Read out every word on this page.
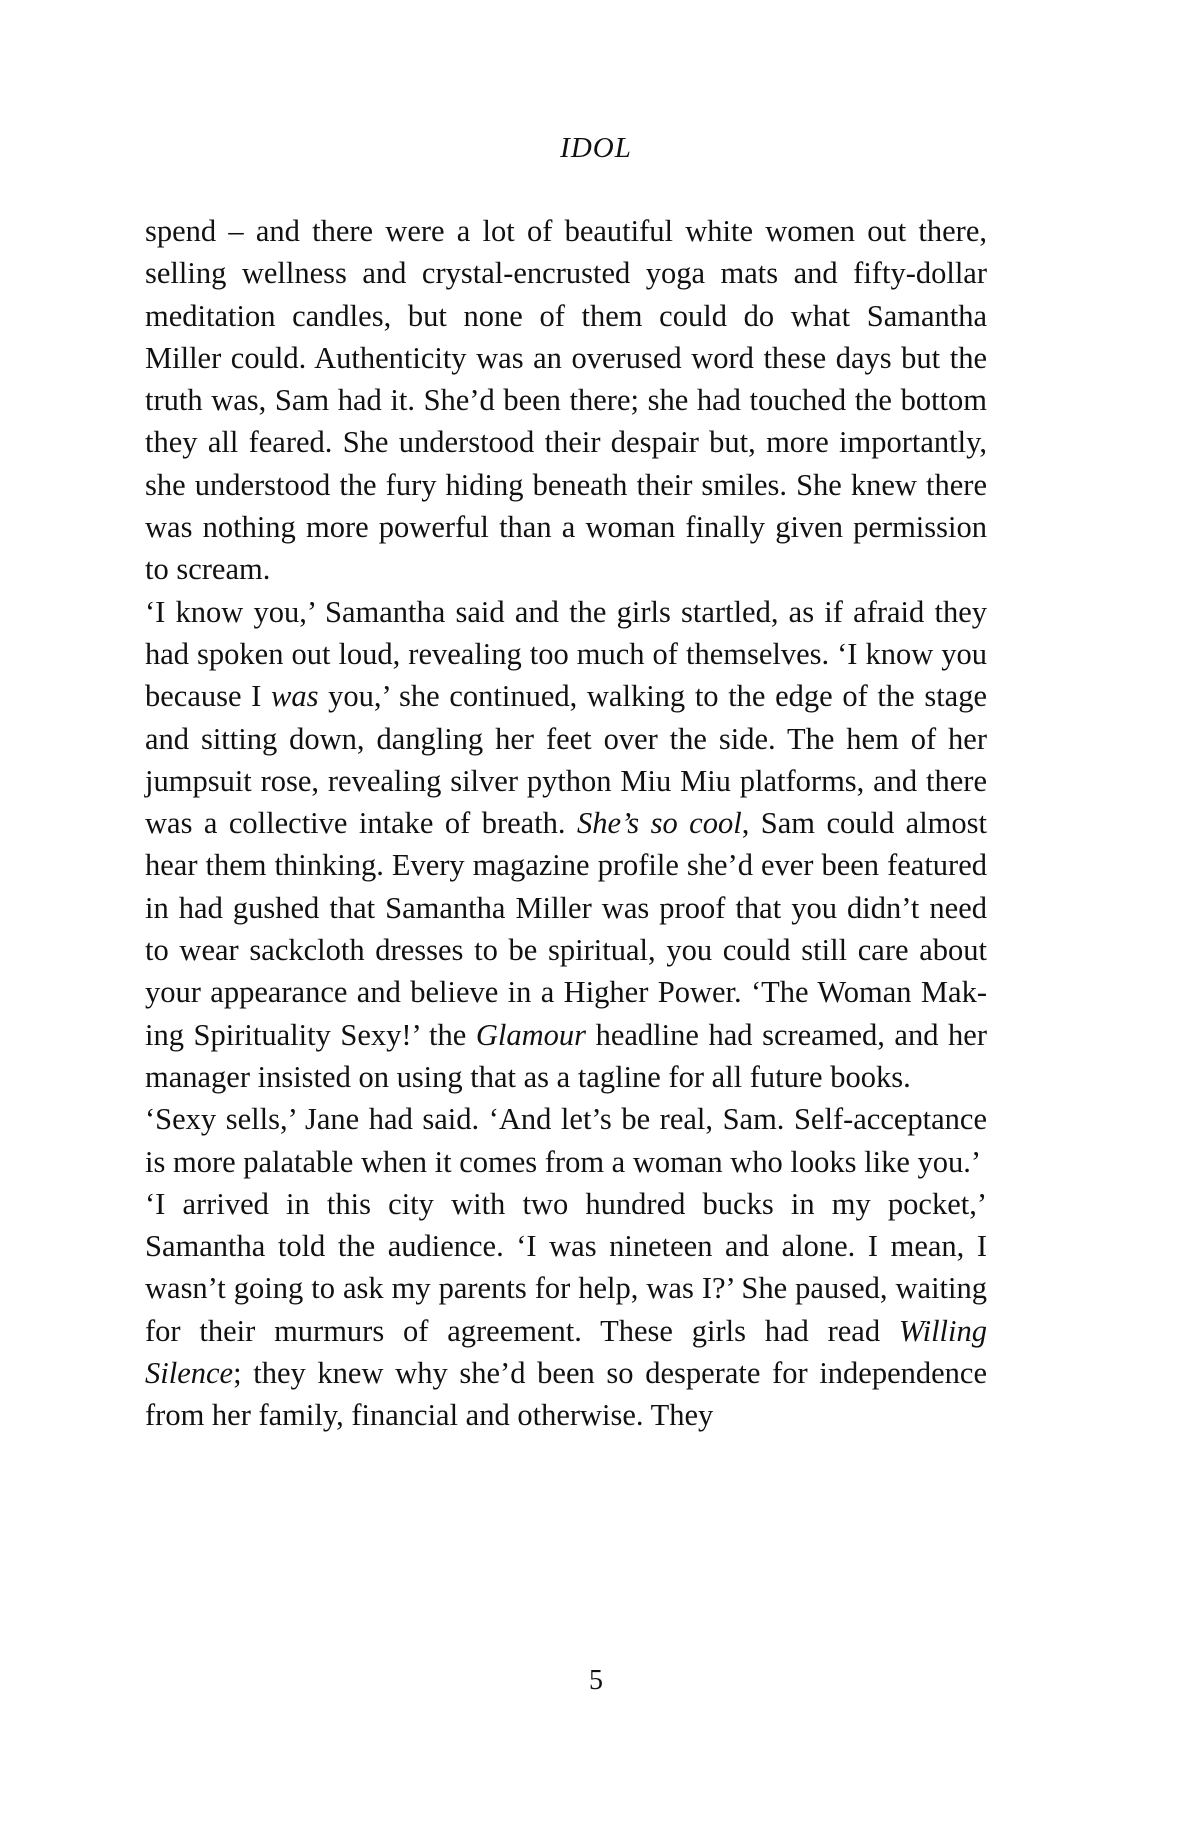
IDOL

spend – and there were a lot of beautiful white women out there, selling wellness and crystal-encrusted yoga mats and fifty-dollar meditation candles, but none of them could do what Samantha Miller could. Authenticity was an overused word these days but the truth was, Sam had it. She’d been there; she had touched the bottom they all feared. She understood their despair but, more importantly, she understood the fury hiding beneath their smiles. She knew there was nothing more powerful than a woman finally given permission to scream.

‘I know you,’ Samantha said and the girls startled, as if afraid they had spoken out loud, revealing too much of themselves. ‘I know you because I was you,’ she continued, walking to the edge of the stage and sitting down, dangling her feet over the side. The hem of her jumpsuit rose, revealing silver python Miu Miu platforms, and there was a collective intake of breath. She’s so cool, Sam could almost hear them thinking. Every magazine profile she’d ever been featured in had gushed that Samantha Miller was proof that you didn’t need to wear sackcloth dresses to be spiritual, you could still care about your appearance and believe in a Higher Power. ‘The Woman Making Spirituality Sexy!’ the Glamour headline had screamed, and her manager insisted on using that as a tagline for all future books.

‘Sexy sells,’ Jane had said. ‘And let’s be real, Sam. Self-acceptance is more palatable when it comes from a woman who looks like you.’

‘I arrived in this city with two hundred bucks in my pocket,’ Samantha told the audience. ‘I was nineteen and alone. I mean, I wasn’t going to ask my parents for help, was I?’ She paused, waiting for their murmurs of agreement. These girls had read Willing Silence; they knew why she’d been so desperate for independence from her family, financial and otherwise. They

5
